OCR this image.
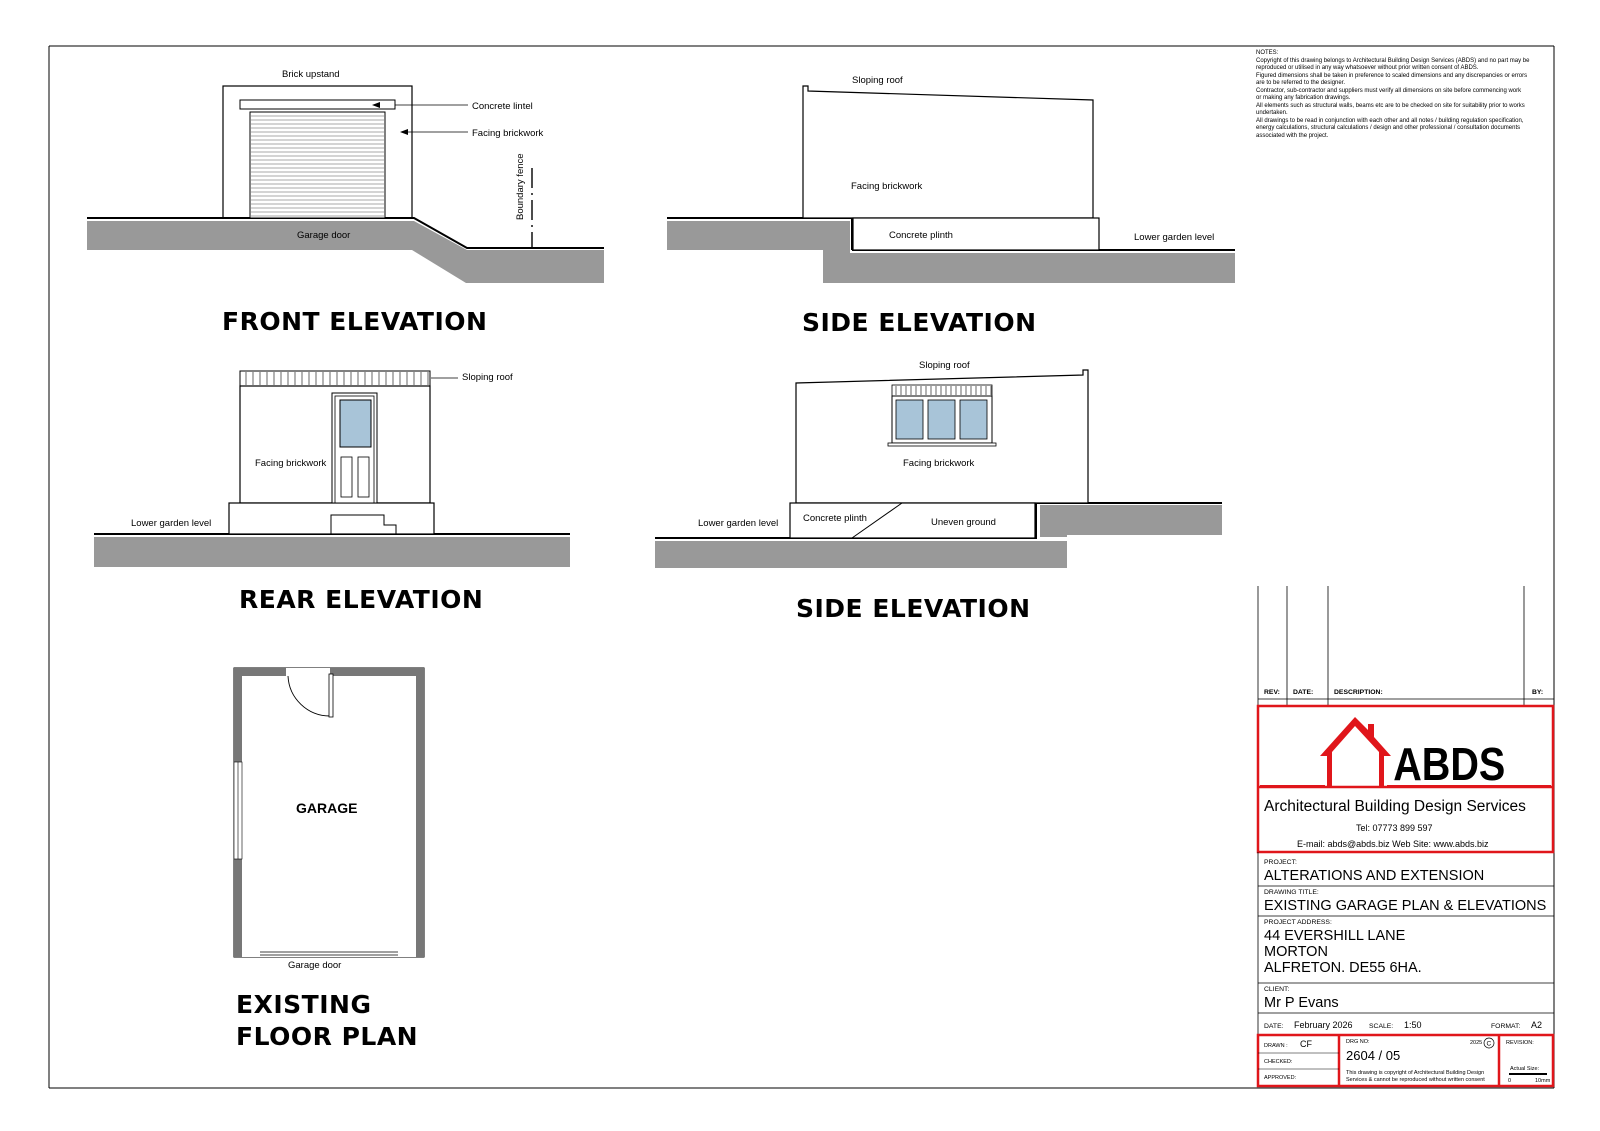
Brick upstand
Concrete lintel
Facing brickwork
Boundary fence
Garage door
FRONT ELEVATION
Sloping roof
Facing brickwork
Concrete plinth	Lower garden level
SIDE ELEVATION
Sloping roof
Facing brickwork
Lower garden level
REAR ELEVATION
Sloping roof
Facing brickwork
Lower garden level	Concrete plinth	Uneven ground
SIDE ELEVATION
Garage door
GARAGE
EXISTING
FLOOR PLAN
NOTES:
Copyright of this drawing belongs to Architectural Building Design Services (ABDS) and no part may be
reproduced or utilised in any way whatsoever without prior written consent of ABDS.
Figured dimensions shall be taken in preference to scaled dimensions and any discrepancies or errors
are to be referred to the designer.
Contractor, sub-contractor and suppliers must verify all dimensions on site before commencing work
or making any fabrication drawings.
All elements such as structural walls, beams etc are to be checked on site for suitability prior to works
undertaken.
All drawings to be read in conjunction with each other and all notes / building regulation specification,
energy calculations, structural calculations / design and other professional / consultation documents
associated with the project.
REV: DATE:	DESCRIPTION:	BY:
ABDS
Architectural Building Design Services
Tel: 07773 899 597
E-mail: abds@abds.biz Web Site: www.abds.biz
PROJECT:
ALTERATIONS AND EXTENSION
DRAWING TITLE:
EXISTING GARAGE PLAN & ELEVATIONS
PROJECT ADDRESS:
44 EVERSHILL LANE
MORTON
ALFRETON. DE55 6HA.
CLIENT:
Mr P Evans
DATE: February 2026 SCALE: 1:50	FORMAT: A2
DRAWN : CF
CHECKED:
APPROVED:
DRG NO:	2025 C
2604 / 05
This drawing is copyright of Architectural Building Design
Services & cannot be reproduced without written consent
REVISION:
Actual Size:
0	10mm
